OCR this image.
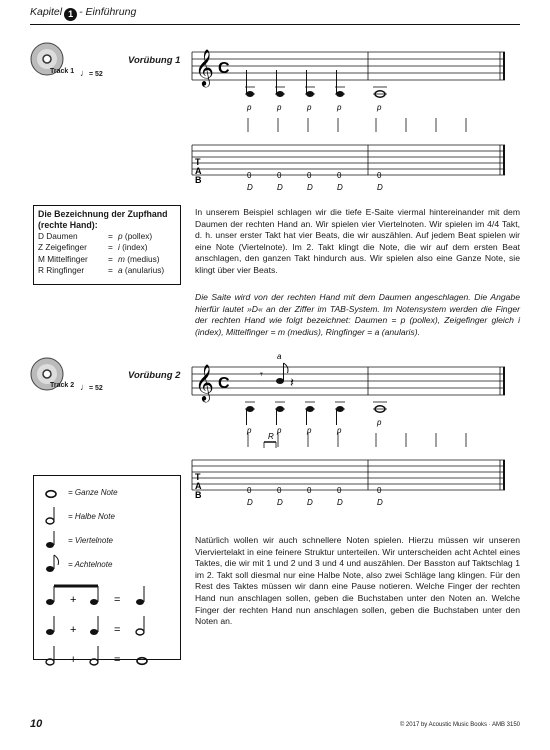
Kapitel 1 - Einführung
Track 1 ♩= 52
Vorübung 1 𝄞 C
T
A
B
p
0
D
p
0
D
p
0
D
p
0
D
p
0
D
Die Bezeichnung der Zupfhand
(rechte Hand):
D Daumen	= p (pollex)
Z Zeigefinger	= i (index)
M Mittelfinger	= m (medius)
R Ringfinger	= a (anularius)
In unserem Beispiel schlagen wir die tiefe E-Saite viermal hintereinander mit dem Daumen der rechten Hand an. Wir spielen vier Viertelnoten. Wir spielen im 4/4 Takt, d. h. unser erster Takt hat vier Beats, die wir auszählen. Auf jedem Beat spielen wir eine Note (Viertelnote). Im 2. Takt klingt die Note, die wir auf dem ersten Beat anschlagen, den ganzen Takt hindurch aus. Wir spielen also eine Ganze Note, sie klingt über vier Beats.
Die Saite wird von der rechten Hand mit dem Daumen angeschlagen. Die Angabe hierfür lautet »D« an der Ziffer im TAB-System. Im Notensystem werden die Finger der rechten Hand wie folgt bezeichnet: Daumen = p (pollex), Zeigefinger gleich i (index), Mittelfinger = m (medius), Ringfinger = a (anularis).
Track 2 ♩= 52
Vorübung 2 𝄞 C
T
A
B
R
𝄾
a
𝄽
p
0
D
p
0
D
p
0
D
p
0
D
p
0
D
= Ganze Note
= Halbe Note
= Viertelnote
= Achtelnote
+	=
+	=
+	=
Natürlich wollen wir auch schnellere Noten spielen. Hierzu müssen wir unseren Vierviertelakt in eine feinere Struktur unterteilen. Wir unterscheiden acht Achtel eines Taktes, die wir mit 1 und 2 und 3 und 4 und auszählen. Der Basston auf Taktschlag 1 im 2. Takt soll diesmal nur eine Halbe Note, also zwei Schläge lang klingen. Für den Rest des Taktes müssen wir dann eine Pause notieren. Welche Finger der rechten Hand nun anschlagen sollen, geben die Buchstaben unter den Noten an. Welche Finger der rechten Hand nun anschlagen sollen, geben die Buchstaben unter den Noten an.
10	© 2017 by Acoustic Music Books · AMB 3150
